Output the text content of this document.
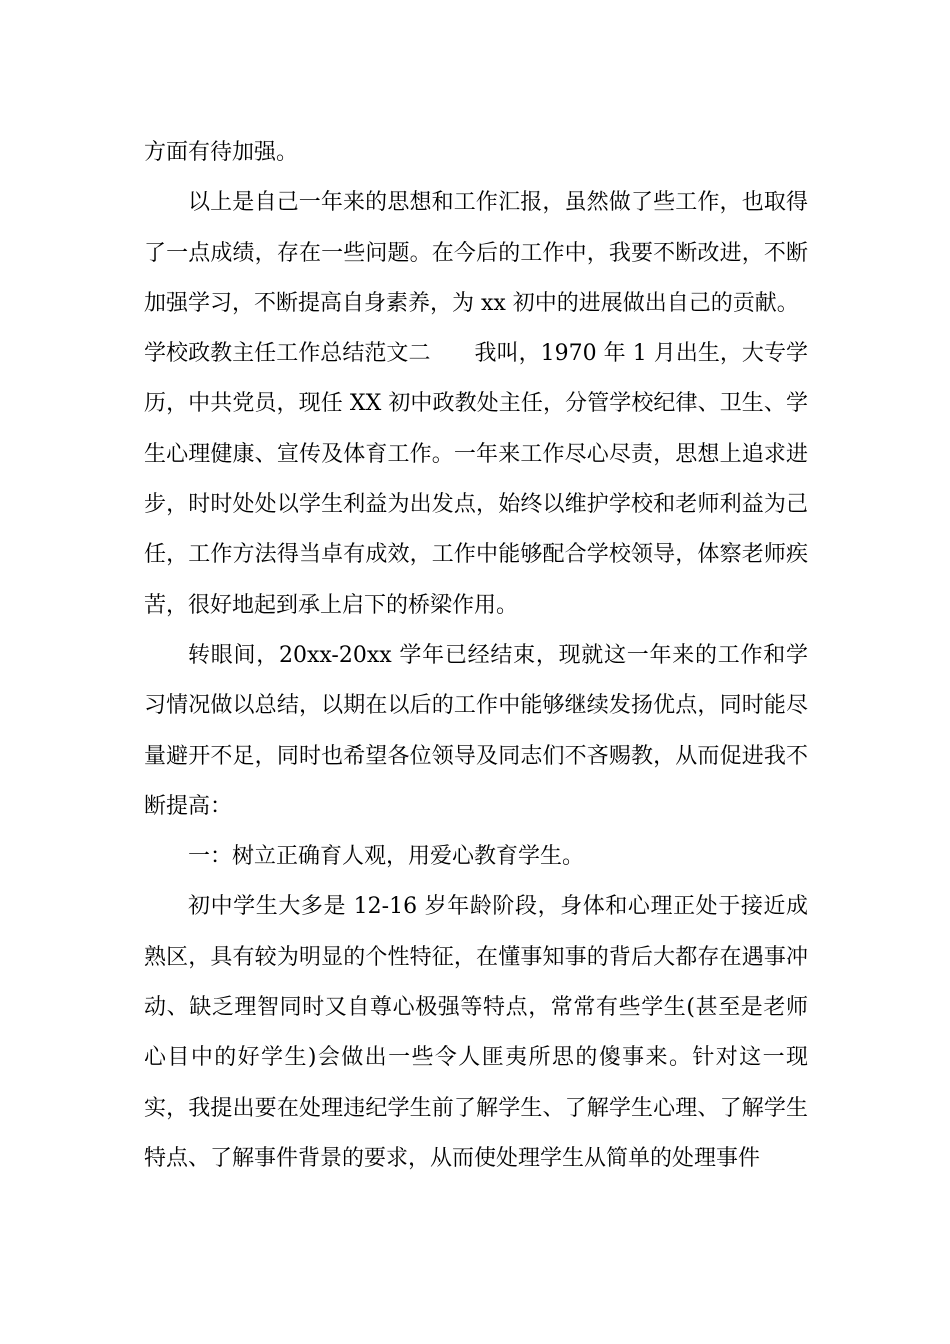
方面有待加强。

以上是自己一年来的思想和工作汇报，虽然做了些工作，也取得了一点成绩，存在一些问题。在今后的工作中，我要不断改进，不断加强学习，不断提高自身素养，为 xx 初中的进展做出自己的贡献。

学校政教主任工作总结范文二　　我叫，1970 年 1 月出生，大专学历，中共党员，现任 XX 初中政教处主任，分管学校纪律、卫生、学生心理健康、宣传及体育工作。一年来工作尽心尽责，思想上追求进步，时时处处以学生利益为出发点，始终以维护学校和老师利益为己任，工作方法得当卓有成效，工作中能够配合学校领导，体察老师疾苦，很好地起到承上启下的桥梁作用。

转眼间，20xx-20xx 学年已经结束，现就这一年来的工作和学习情况做以总结，以期在以后的工作中能够继续发扬优点，同时能尽量避开不足，同时也希望各位领导及同志们不吝赐教，从而促进我不断提高：

一：树立正确育人观，用爱心教育学生。

初中学生大多是 12-16 岁年龄阶段，身体和心理正处于接近成熟区，具有较为明显的个性特征，在懂事知事的背后大都存在遇事冲动、缺乏理智同时又自尊心极强等特点，常常有些学生(甚至是老师心目中的好学生)会做出一些令人匪夷所思的傻事来。针对这一现实，我提出要在处理违纪学生前了解学生、了解学生心理、了解学生特点、了解事件背景的要求，从而使处理学生从简单的处理事件
